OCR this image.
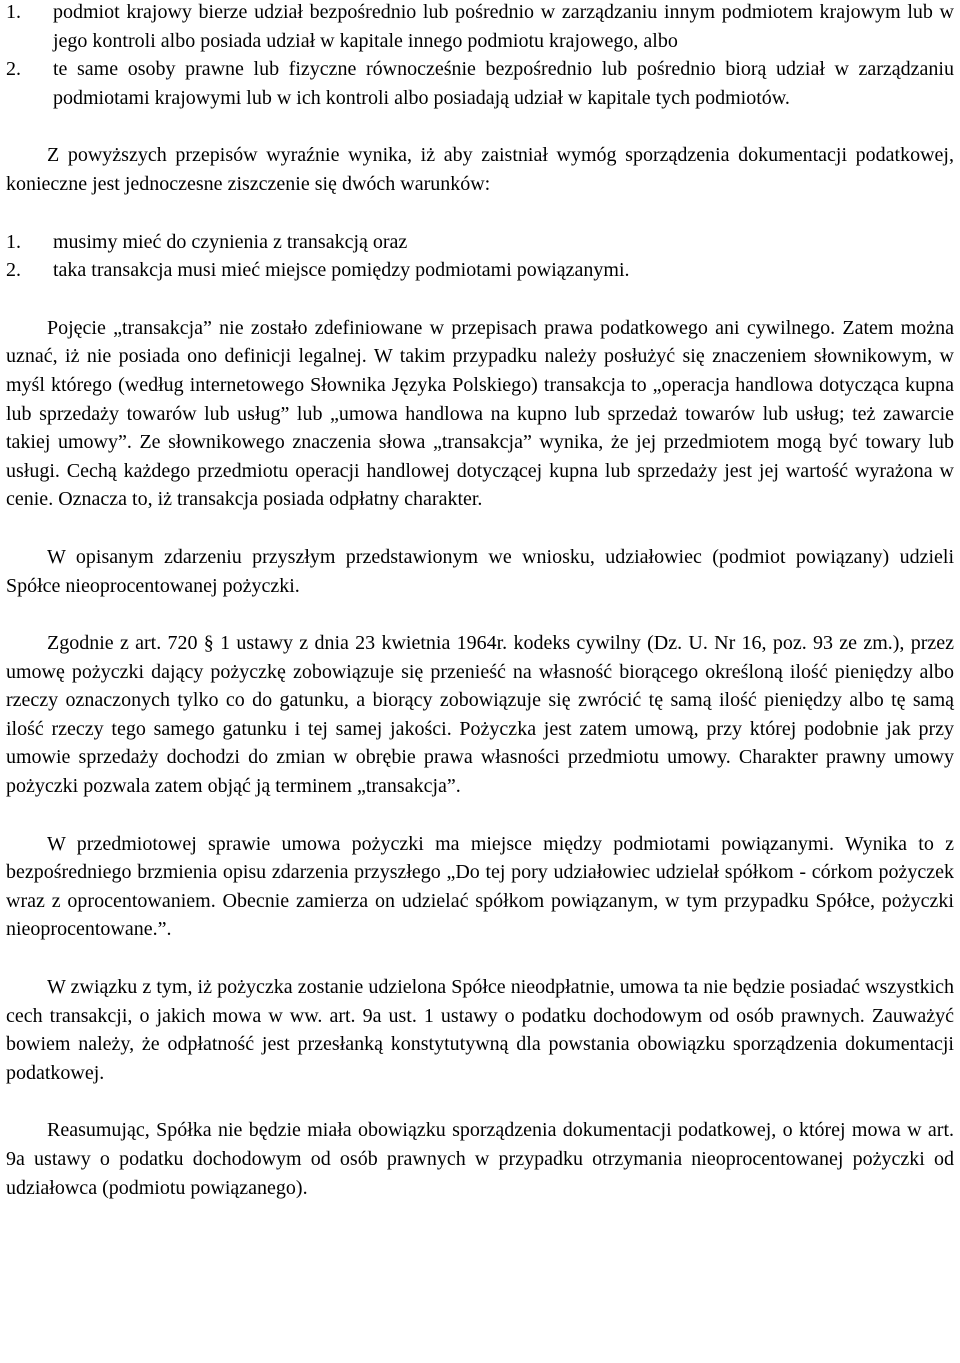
1. podmiot krajowy bierze udział bezpośrednio lub pośrednio w zarządzaniu innym podmiotem krajowym lub w jego kontroli albo posiada udział w kapitale innego podmiotu krajowego, albo
2. te same osoby prawne lub fizyczne równocześnie bezpośrednio lub pośrednio biorą udział w zarządzaniu podmiotami krajowymi lub w ich kontroli albo posiadają udział w kapitale tych podmiotów.

Z powyższych przepisów wyraźnie wynika, iż aby zaistniał wymóg sporządzenia dokumentacji podatkowej, konieczne jest jednoczesne ziszczenie się dwóch warunków:

1. musimy mieć do czynienia z transakcją oraz
2. taka transakcja musi mieć miejsce pomiędzy podmiotami powiązanymi.

Pojęcie „transakcja” nie zostało zdefiniowane w przepisach prawa podatkowego ani cywilnego. Zatem można uznać, iż nie posiada ono definicji legalnej. W takim przypadku należy posłużyć się znaczeniem słownikowym, w myśl którego (według internetowego Słownika Języka Polskiego) transakcja to „operacja handlowa dotycząca kupna lub sprzedaży towarów lub usług” lub „umowa handlowa na kupno lub sprzedaż towarów lub usług; też zawarcie takiej umowy”. Ze słownikowego znaczenia słowa „transakcja” wynika, że jej przedmiotem mogą być towary lub usługi. Cechą każdego przedmiotu operacji handlowej dotyczącej kupna lub sprzedaży jest jej wartość wyrażona w cenie. Oznacza to, iż transakcja posiada odpłatny charakter.

W opisanym zdarzeniu przyszłym przedstawionym we wniosku, udziałowiec (podmiot powiązany) udzieli Spółce nieoprocentowanej pożyczki.

Zgodnie z art. 720 § 1 ustawy z dnia 23 kwietnia 1964r. kodeks cywilny (Dz. U. Nr 16, poz. 93 ze zm.), przez umowę pożyczki dający pożyczkę zobowiązuje się przenieść na własność biorącego określoną ilość pieniędzy albo rzeczy oznaczonych tylko co do gatunku, a biorący zobowiązuje się zwrócić tę samą ilość pieniędzy albo tę samą ilość rzeczy tego samego gatunku i tej samej jakości. Pożyczka jest zatem umową, przy której podobnie jak przy umowie sprzedaży dochodzi do zmian w obrębie prawa własności przedmiotu umowy. Charakter prawny umowy pożyczki pozwala zatem objąć ją terminem „transakcja”.

W przedmiotowej sprawie umowa pożyczki ma miejsce między podmiotami powiązanymi. Wynika to z bezpośredniego brzmienia opisu zdarzenia przyszłego „Do tej pory udziałowiec udzielał spółkom - córkom pożyczek wraz z oprocentowaniem. Obecnie zamierza on udzielać spółkom powiązanym, w tym przypadku Spółce, pożyczki nieoprocentowane.”.

W związku z tym, iż pożyczka zostanie udzielona Spółce nieodpłatnie, umowa ta nie będzie posiadać wszystkich cech transakcji, o jakich mowa w ww. art. 9a ust. 1 ustawy o podatku dochodowym od osób prawnych. Zauważyć bowiem należy, że odpłatność jest przesłanką konstytutywną dla powstania obowiązku sporządzenia dokumentacji podatkowej.

Reasumując, Spółka nie będzie miała obowiązku sporządzenia dokumentacji podatkowej, o której mowa w art. 9a ustawy o podatku dochodowym od osób prawnych w przypadku otrzymania nieoprocentowanej pożyczki od udziałowca (podmiotu powiązanego).
